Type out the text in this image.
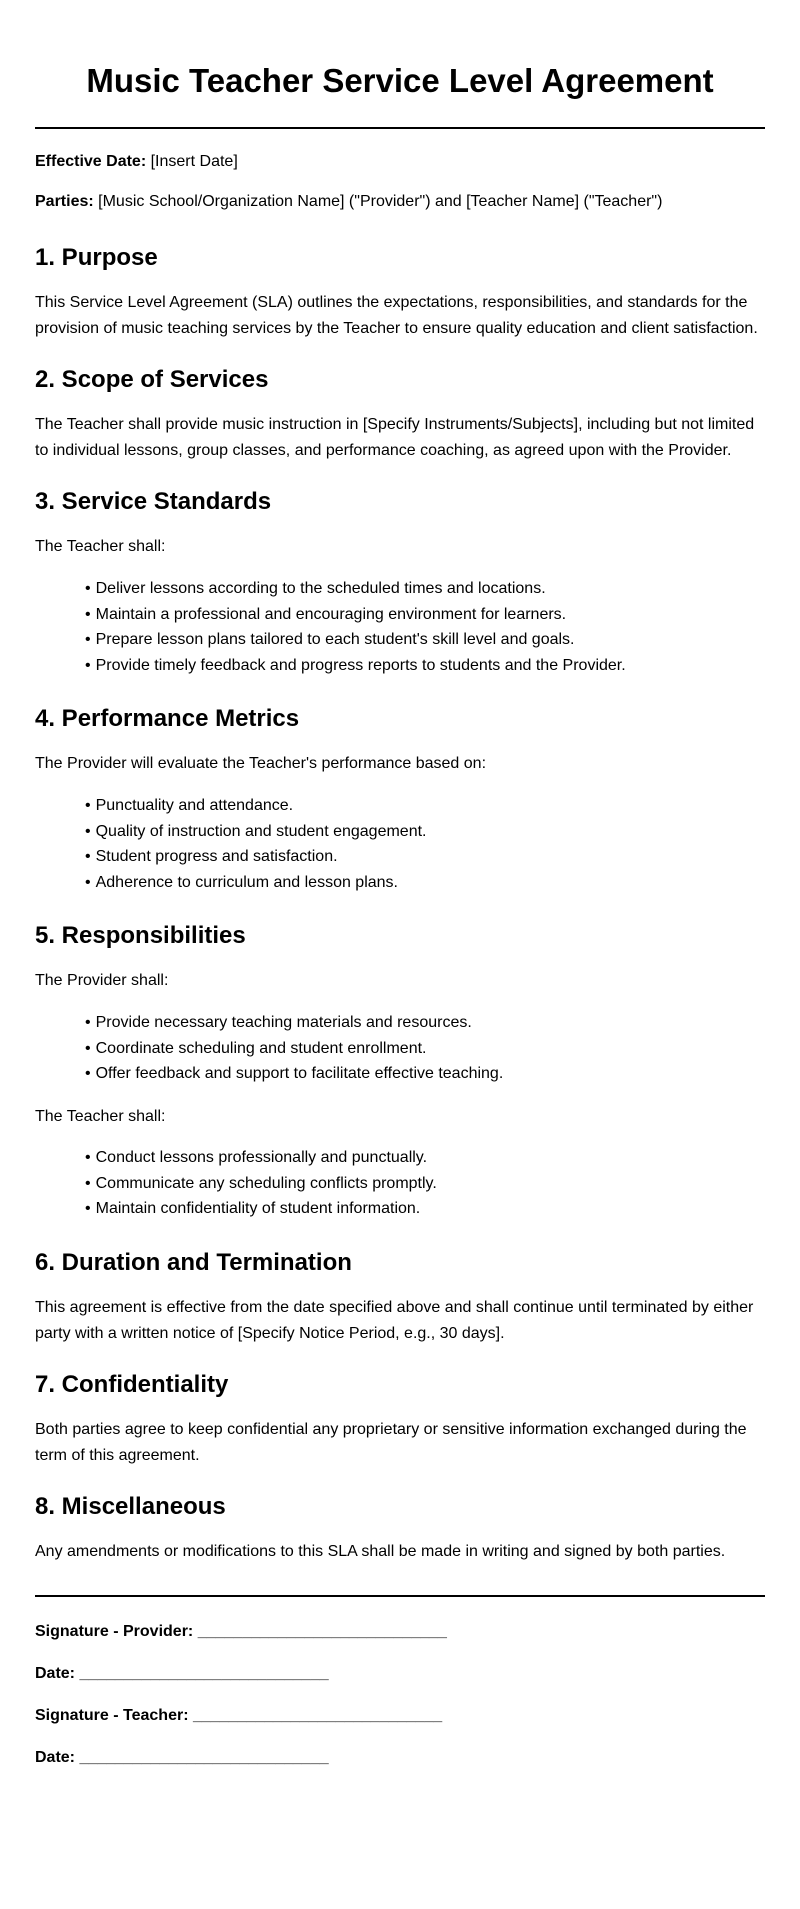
Music Teacher Service Level Agreement

Effective Date: [Insert Date]

Parties: [Music School/Organization Name] ("Provider") and [Teacher Name] ("Teacher")

1. Purpose

This Service Level Agreement (SLA) outlines the expectations, responsibilities, and standards for the provision of music teaching services by the Teacher to ensure quality education and client satisfaction.

2. Scope of Services

The Teacher shall provide music instruction in [Specify Instruments/Subjects], including but not limited to individual lessons, group classes, and performance coaching, as agreed upon with the Provider.

3. Service Standards

The Teacher shall:

• Deliver lessons according to the scheduled times and locations.
• Maintain a professional and encouraging environment for learners.
• Prepare lesson plans tailored to each student's skill level and goals.
• Provide timely feedback and progress reports to students and the Provider.
4. Performance Metrics

The Provider will evaluate the Teacher's performance based on:

• Punctuality and attendance.
• Quality of instruction and student engagement.
• Student progress and satisfaction.
• Adherence to curriculum and lesson plans.
5. Responsibilities

The Provider shall:

• Provide necessary teaching materials and resources.
• Coordinate scheduling and student enrollment.
• Offer feedback and support to facilitate effective teaching.

The Teacher shall:

• Conduct lessons professionally and punctually.
• Communicate any scheduling conflicts promptly.
• Maintain confidentiality of student information.
6. Duration and Termination

This agreement is effective from the date specified above and shall continue until terminated by either party with a written notice of [Specify Notice Period, e.g., 30 days].

7. Confidentiality

Both parties agree to keep confidential any proprietary or sensitive information exchanged during the term of this agreement.

8. Miscellaneous

Any amendments or modifications to this SLA shall be made in writing and signed by both parties.

Signature - Provider: ____________________________

Date: ____________________________

Signature - Teacher: ____________________________

Date: ____________________________
